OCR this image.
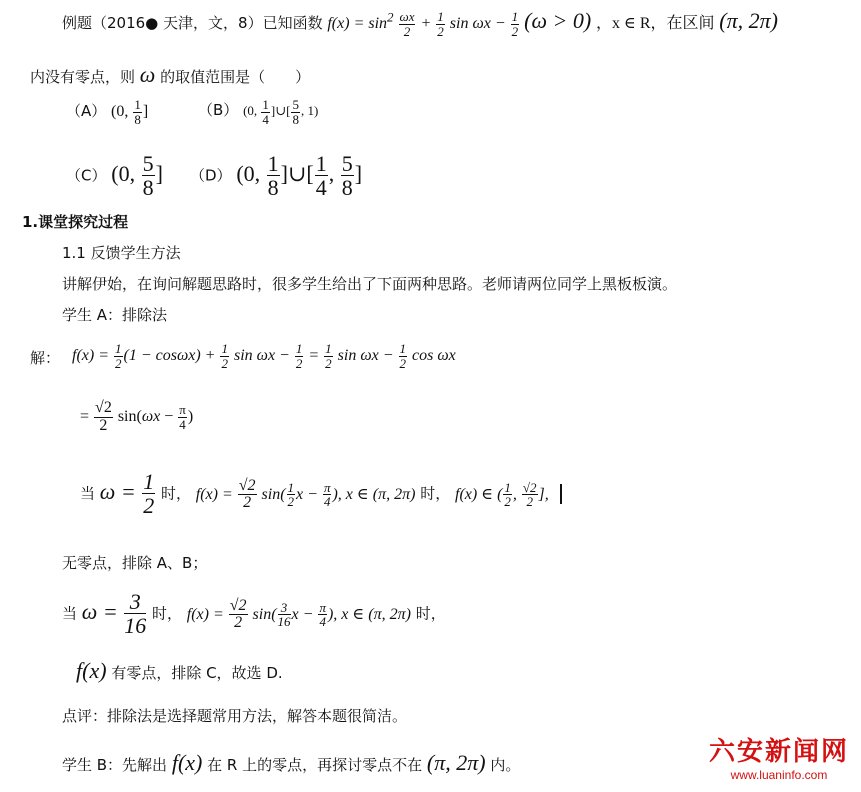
例题（2016● 天津，文，8）已知函数 $f(x) = \sin^2 \frac{\omega x}{2} + \frac{1}{2}$ $\sin \omega x - \frac{1}{2} (\omega > 0)$ ，x ∈ R，在区间 (π, 2π)
内没有零点，则 ω 的取值范围是（　　）
（A） (0, $\frac{1}{8}$ ]	（B） (0, $\frac{1}{4}$ ]∪[ $\frac{5}{8}$ , 1)
（C） (0, $\frac{5}{8}$ ] （D） (0, $\frac{1}{8}$ ]∪[ $\frac{1}{4}$ , $\frac{5}{8}$ ]
1.课堂探究过程
1.1 反馈学生方法
讲解伊始，在询问解题思路时，很多学生给出了下面两种思路。老师请两位同学上黑板板演。
学生 A：排除法
解： $f(x) = \frac{1}{2} (1 - \cos\omega x) + \frac{1}{2}$ $\sin \omega x - \frac{1}{2} = \frac{1}{2}$ $\sin \omega x - \frac{1}{2}$ cos ωx
= $\frac{√2}{2} \sin(\omega x - \frac{\pi}{4}$ )
当 $\omega = \frac{1}{2}$ 时， $f(x) = \frac{√2}{2} \sin( \frac{1}{2}$ $x - \frac{\pi}{4}$ ), x ∈ (π, 2π) 时， f(x) ∈ ( $\frac{1}{2}$ , $\frac{√2}{2}$ ],
无零点，排除 A、B；
当 $\omega = \frac{3}{16}$ 时， $f(x) = \frac{√2}{2} \sin( \frac{3}{16}$ $x - \frac{\pi}{4}$ ), x ∈ (π, 2π) 时，
f(x) 有零点，排除 C，故选 D.
点评：排除法是选择题常用方法，解答本题很简洁。
学生 B：先解出 f(x) 在 R 上的零点，再探讨零点不在 (π, 2π) 内。	六安新闻网
www.luaninfo.com
